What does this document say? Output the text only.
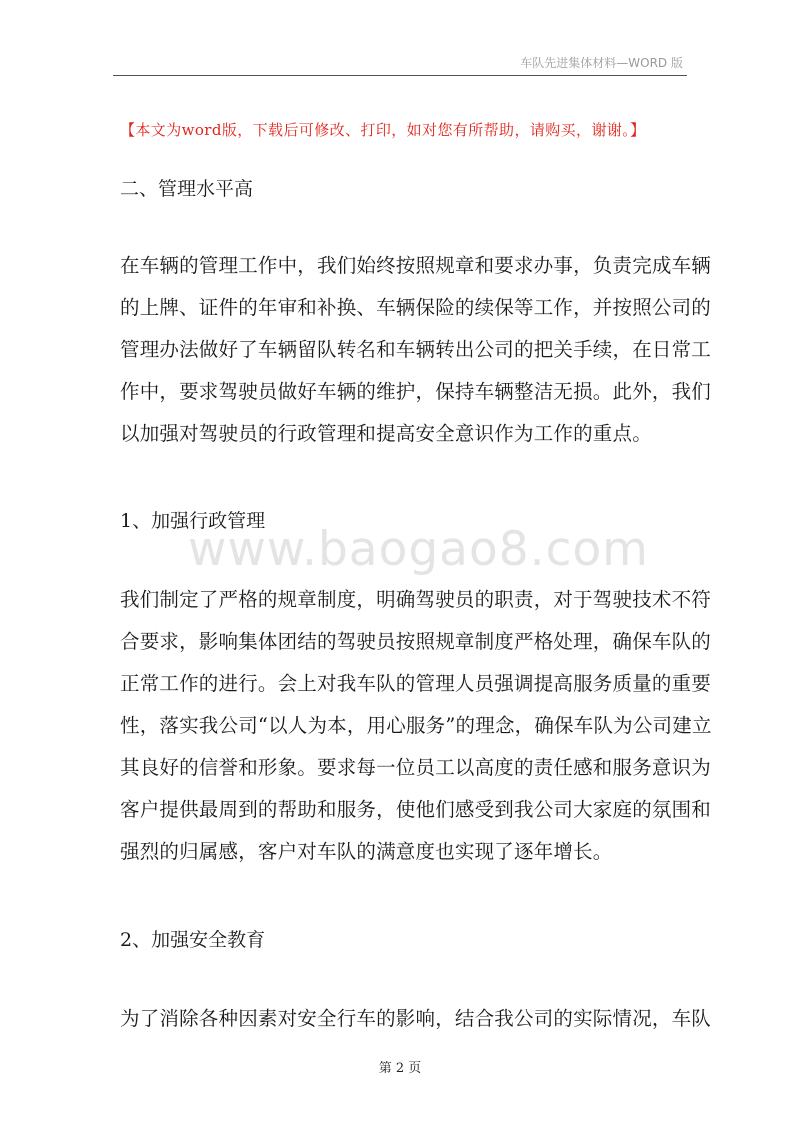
车队先进集体材料—WORD 版
【本文为word版，下载后可修改、打印，如对您有所帮助，请购买，谢谢。】
二、管理水平高
在车辆的管理工作中，我们始终按照规章和要求办事，负责完成车辆
的上牌、证件的年审和补换、车辆保险的续保等工作，并按照公司的
管理办法做好了车辆留队转名和车辆转出公司的把关手续，在日常工
作中，要求驾驶员做好车辆的维护，保持车辆整洁无损。此外，我们
以加强对驾驶员的行政管理和提高安全意识作为工作的重点。
1、加强行政管理
www.baogao8.com
我们制定了严格的规章制度，明确驾驶员的职责，对于驾驶技术不符
合要求，影响集体团结的驾驶员按照规章制度严格处理，确保车队的
正常工作的进行。会上对我车队的管理人员强调提高服务质量的重要
性，落实我公司“以人为本，用心服务”的理念，确保车队为公司建立
其良好的信誉和形象。要求每一位员工以高度的责任感和服务意识为
客户提供最周到的帮助和服务，使他们感受到我公司大家庭的氛围和
强烈的归属感，客户对车队的满意度也实现了逐年增长。
2、加强安全教育
为了消除各种因素对安全行车的影响，结合我公司的实际情况，车队
第 2 页
